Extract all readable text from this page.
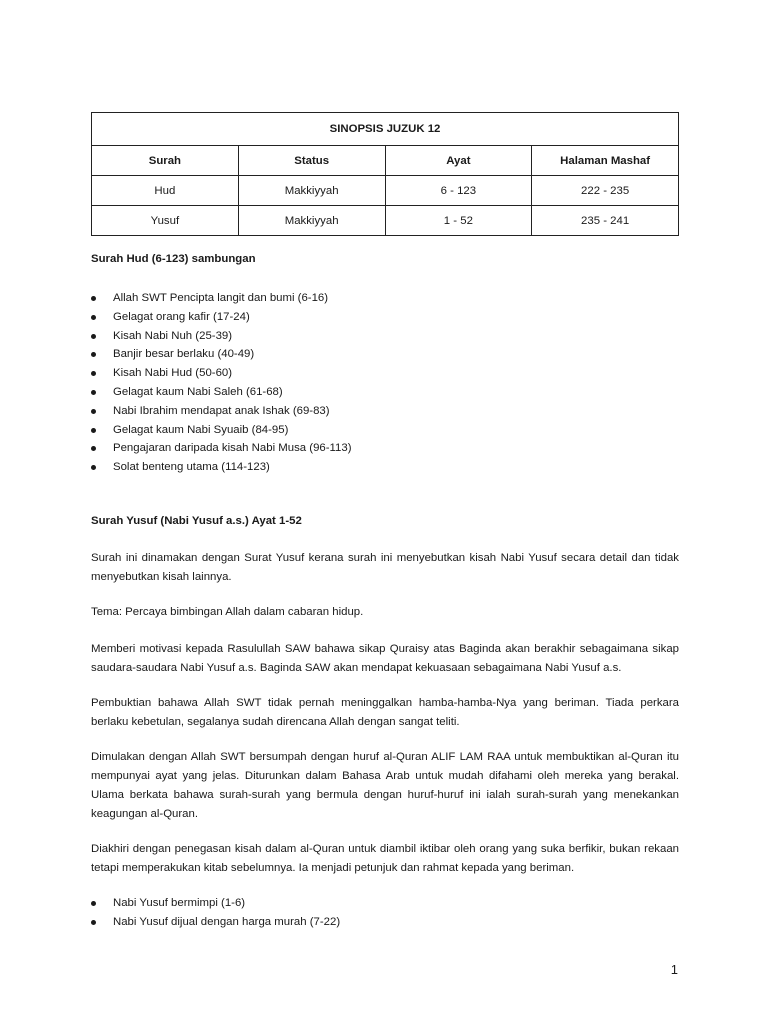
SINOPSIS JUZUK 12			
Surah	Status	Ayat	Halaman Mashaf
Hud	Makkiyyah	6 - 123	222 - 235
Yusuf	Makkiyyah	1 - 52	235 - 241
Surah Hud (6-123) sambungan
Allah SWT Pencipta langit dan bumi (6-16)
Gelagat orang kafir (17-24)
Kisah Nabi Nuh (25-39)
Banjir besar berlaku (40-49)
Kisah Nabi Hud (50-60)
Gelagat kaum Nabi Saleh (61-68)
Nabi Ibrahim mendapat anak Ishak (69-83)
Gelagat kaum Nabi Syuaib (84-95)
Pengajaran daripada kisah Nabi Musa (96-113)
Solat benteng utama (114-123)
Surah Yusuf (Nabi Yusuf a.s.) Ayat 1-52

Surah ini dinamakan dengan Surat Yusuf kerana surah ini menyebutkan kisah Nabi Yusuf secara detail dan tidak menyebutkan kisah lainnya.

Tema: Percaya bimbingan Allah dalam cabaran hidup.

Memberi motivasi kepada Rasulullah SAW bahawa sikap Quraisy atas Baginda akan berakhir sebagaimana sikap saudara-saudara Nabi Yusuf a.s. Baginda SAW akan mendapat kekuasaan sebagaimana Nabi Yusuf a.s.

Pembuktian bahawa Allah SWT tidak pernah meninggalkan hamba-hamba-Nya yang beriman. Tiada perkara berlaku kebetulan, segalanya sudah direncana Allah dengan sangat teliti.

Dimulakan dengan Allah SWT bersumpah dengan huruf al-Quran ALIF LAM RAA untuk membuktikan al-Quran itu mempunyai ayat yang jelas. Diturunkan dalam Bahasa Arab untuk mudah difahami oleh mereka yang berakal. Ulama berkata bahawa surah-surah yang bermula dengan huruf-huruf ini ialah surah-surah yang menekankan keagungan al-Quran.

Diakhiri dengan penegasan kisah dalam al-Quran untuk diambil iktibar oleh orang yang suka berfikir, bukan rekaan tetapi memperakukan kitab sebelumnya. Ia menjadi petunjuk dan rahmat kepada yang beriman.

Nabi Yusuf bermimpi (1-6)
Nabi Yusuf dijual dengan harga murah (7-22)
1
